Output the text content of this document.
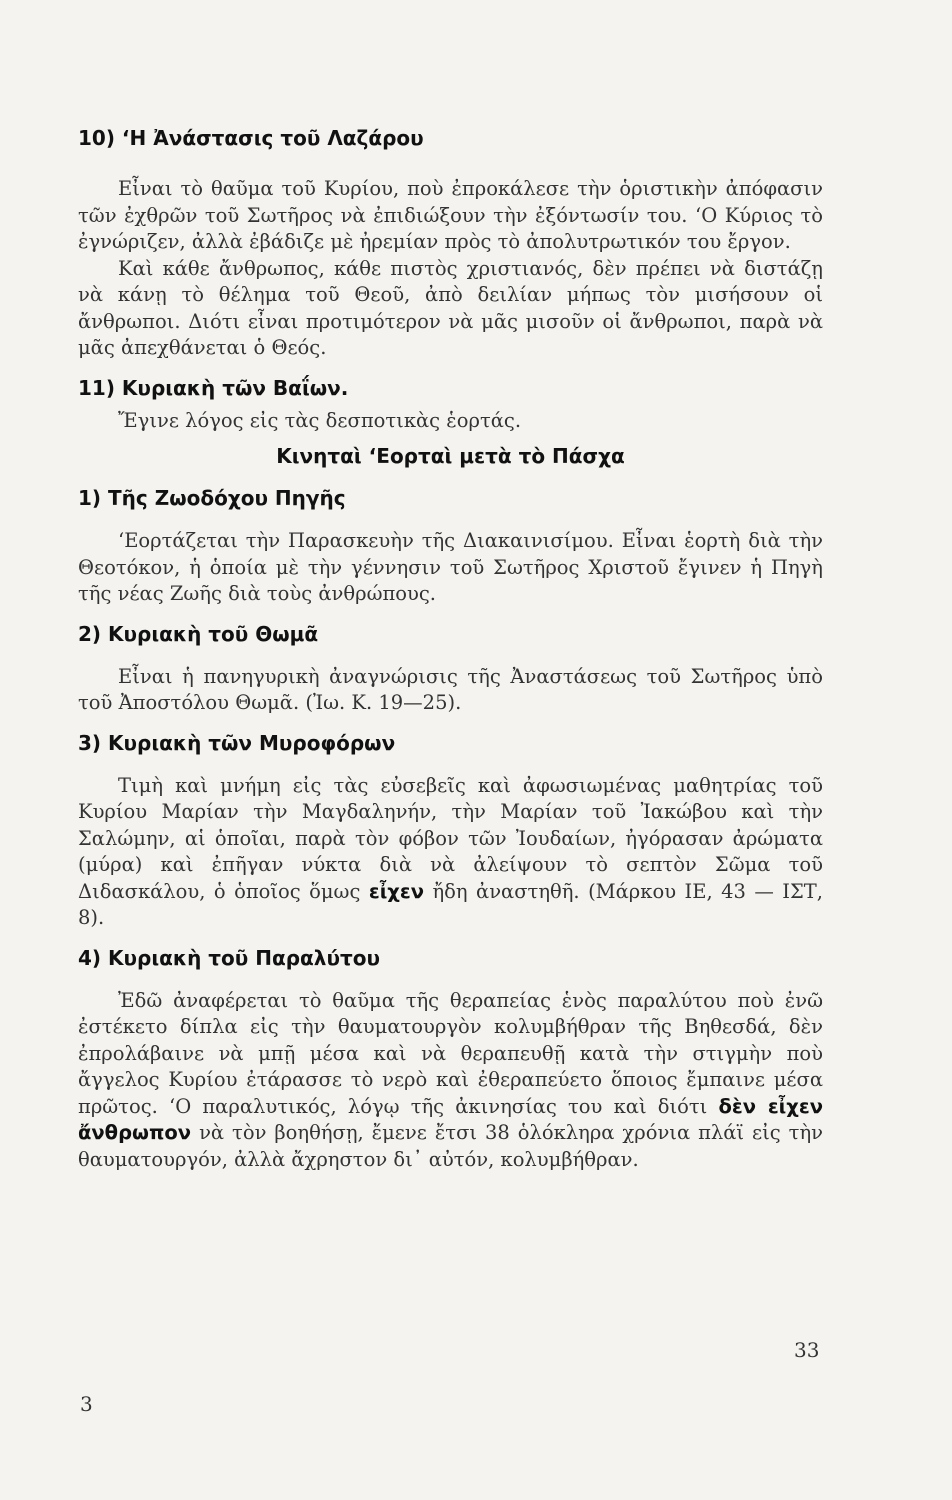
10) ‘Η Ἀνάστασις τοῦ Λαζάρου

Εἶναι τὸ θαῦμα τοῦ Κυρίου, ποὺ ἐπροκάλεσε τὴν ὁριστικὴν ἀπόφασιν τῶν ἐχθρῶν τοῦ Σωτῆρος νὰ ἐπιδιώξουν τὴν ἐξόντωσίν του. ‘Ο Κύριος τὸ ἐγνώριζεν, ἀλλὰ ἐβάδιζε μὲ ἠρεμίαν πρὸς τὸ ἀπολυτρωτικόν του ἔργον.

Καὶ κάθε ἄνθρωπος, κάθε πιστὸς χριστιανός, δὲν πρέπει νὰ διστάζῃ νὰ κάνῃ τὸ θέλημα τοῦ Θεοῦ, ἀπὸ δειλίαν μήπως τὸν μισήσουν οἱ ἄνθρωποι. Διότι εἶναι προτιμότερον νὰ μᾶς μισοῦν οἱ ἄνθρωποι, παρὰ νὰ μᾶς ἀπεχθάνεται ὁ Θεός.

11) Κυριακὴ τῶν Βαΐων.

Ἔγινε λόγος εἰς τὰς δεσποτικὰς ἑορτάς.

Κινηταὶ ‘Εορταὶ μετὰ τὸ Πάσχα
1) Τῆς Ζωοδόχου Πηγῆς

‘Εορτάζεται τὴν Παρασκευὴν τῆς Διακαινισίμου. Εἶναι ἑορτὴ διὰ τὴν Θεοτόκον, ἡ ὁποία μὲ τὴν γέννησιν τοῦ Σωτῆρος Χριστοῦ ἔγινεν ἡ Πηγὴ τῆς νέας Ζωῆς διὰ τοὺς ἀνθρώπους.

2) Κυριακὴ τοῦ Θωμᾶ

Εἶναι ἡ πανηγυρικὴ ἀναγνώρισις τῆς Ἀναστάσεως τοῦ Σωτῆρος ὑπὸ τοῦ Ἀποστόλου Θωμᾶ. (Ἰω. Κ. 19—25).

3) Κυριακὴ τῶν Μυροφόρων

Τιμὴ καὶ μνήμη εἰς τὰς εὐσεβεῖς καὶ ἀφωσιωμένας μαθητρίας τοῦ Κυρίου Μαρίαν τὴν Μαγδαληνήν, τὴν Μαρίαν τοῦ Ἰακώβου καὶ τὴν Σαλώμην, αἱ ὁποῖαι, παρὰ τὸν φόβον τῶν Ἰουδαίων, ἠγόρασαν ἀρώματα (μύρα) καὶ ἐπῆγαν νύκτα διὰ νὰ ἀλείψουν τὸ σεπτὸν Σῶμα τοῦ Διδασκάλου, ὁ ὁποῖος ὅμως εἶχεν ἤδη ἀναστηθῆ. (Μάρκου ΙΕ, 43 — ΙΣΤ, 8).

4) Κυριακὴ τοῦ Παραλύτου

Ἐδῶ ἀναφέρεται τὸ θαῦμα τῆς θεραπείας ἑνὸς παραλύτου ποὺ ἐνῶ ἐστέκετο δίπλα εἰς τὴν θαυματουργὸν κολυμβήθραν τῆς Βηθεσδά, δὲν ἐπρολάβαινε νὰ μπῇ μέσα καὶ νὰ θεραπευθῇ κατὰ τὴν στιγμὴν ποὺ ἄγγελος Κυρίου ἐτάρασσε τὸ νερὸ καὶ ἐθεραπεύετο ὅποιος ἔμπαινε μέσα πρῶτος. ‘Ο παραλυτικός, λόγῳ τῆς ἀκινησίας του καὶ διότι δὲν εἶχεν ἄνθρωπον νὰ τὸν βοηθήσῃ, ἔμενε ἔτσι 38 ὁλόκληρα χρόνια πλάϊ εἰς τὴν θαυματουργόν, ἀλλὰ ἄχρηστον δι᾽ αὐτόν, κολυμβήθραν.

33
3
